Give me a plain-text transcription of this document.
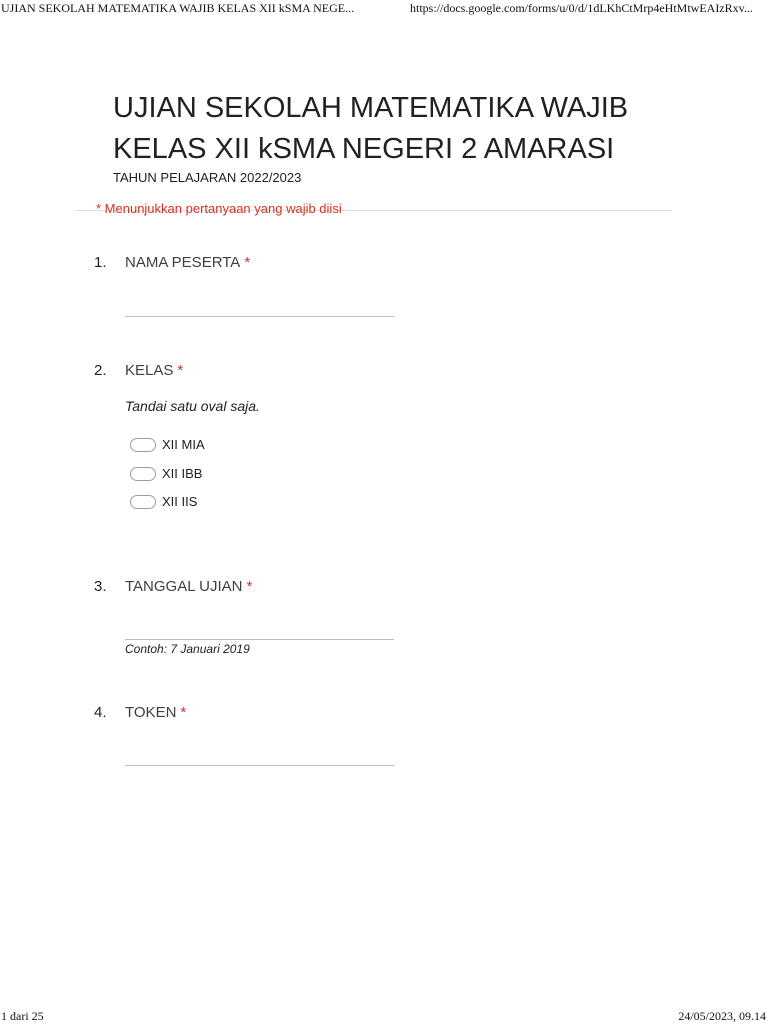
UJIAN SEKOLAH MATEMATIKA WAJIB KELAS XII kSMA NEGE...	https://docs.google.com/forms/u/0/d/1dLKhCtMrp4eHtMtwEAIzRxv...
UJIAN SEKOLAH MATEMATIKA WAJIB KELAS XII kSMA NEGERI 2 AMARASI
TAHUN PELAJARAN 2022/2023
* Menunjukkan pertanyaan yang wajib diisi
1. NAMA PESERTA *
2. KELAS *
Tandai satu oval saja.
XII MIA
XII IBB
XII IIS
3. TANGGAL UJIAN *
Contoh: 7 Januari 2019
4. TOKEN *
1 dari 25	24/05/2023, 09.14
